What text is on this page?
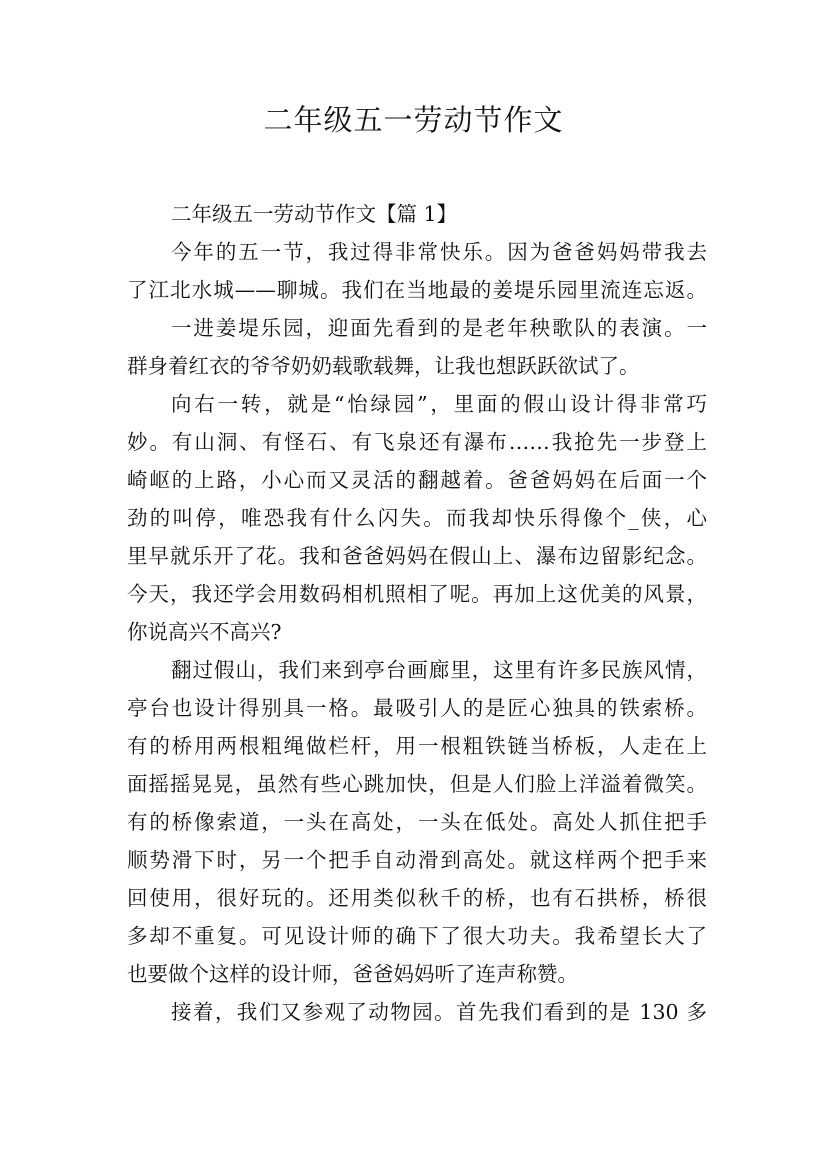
二年级五一劳动节作文

二年级五一劳动节作文【篇 1】

今年的五一节，我过得非常快乐。因为爸爸妈妈带我去

了江北水城——聊城。我们在当地最的姜堤乐园里流连忘返。

一进姜堤乐园，迎面先看到的是老年秧歌队的表演。一

群身着红衣的爷爷奶奶载歌载舞，让我也想跃跃欲试了。

向右一转，就是“怡绿园”，里面的假山设计得非常巧

妙。有山洞、有怪石、有飞泉还有瀑布……我抢先一步登上

崎岖的上路，小心而又灵活的翻越着。爸爸妈妈在后面一个

劲的叫停，唯恐我有什么闪失。而我却快乐得像个_侠，心

里早就乐开了花。我和爸爸妈妈在假山上、瀑布边留影纪念。

今天，我还学会用数码相机照相了呢。再加上这优美的风景，

你说高兴不高兴?

翻过假山，我们来到亭台画廊里，这里有许多民族风情，

亭台也设计得别具一格。最吸引人的是匠心独具的铁索桥。

有的桥用两根粗绳做栏杆，用一根粗铁链当桥板，人走在上

面摇摇晃晃，虽然有些心跳加快，但是人们脸上洋溢着微笑。

有的桥像索道，一头在高处，一头在低处。高处人抓住把手

顺势滑下时，另一个把手自动滑到高处。就这样两个把手来

回使用，很好玩的。还用类似秋千的桥，也有石拱桥，桥很

多却不重复。可见设计师的确下了很大功夫。我希望长大了

也要做个这样的设计师，爸爸妈妈听了连声称赞。

接着，我们又参观了动物园。首先我们看到的是 130 多
